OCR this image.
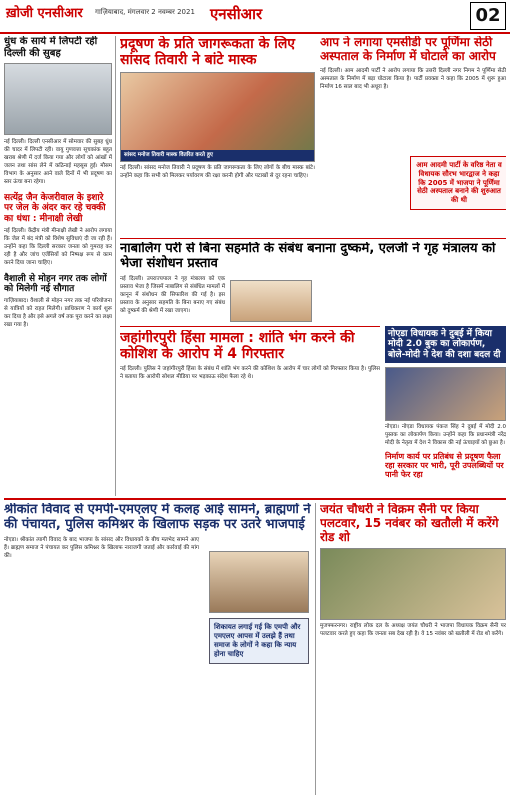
ख़ोजी एनसीआर गाज़ियाबाद, मंगलवार 2 नवम्बर 2021 एनसीआर	02
धुंध के साये में लिपटी रही दिल्ली की सुबह
नई दिल्ली। दिल्ली एनसीआर में सोमवार की सुबह धुंध की चादर में लिपटी रही। वायु गुणवत्ता सूचकांक बहुत खराब श्रेणी में दर्ज किया गया और लोगों को आंखों में जलन तथा सांस लेने में कठिनाई महसूस हुई। मौसम विभाग के अनुसार आने वाले दिनों में भी प्रदूषण का स्तर ऊंचा बना रहेगा।
सत्येंद्र जैन केजरीवाल के इशारे पर जेल के अंदर कर रहे चक्की का धंधा : मीनाक्षी लेखी
नई दिल्ली। केंद्रीय मंत्री मीनाक्षी लेखी ने आरोप लगाया कि जेल में बंद मंत्री को विशेष सुविधाएं दी जा रही हैं। उन्होंने कहा कि दिल्ली सरकार जनता को गुमराह कर रही है और जांच एजेंसियों को निष्पक्ष रूप से काम करने दिया जाना चाहिए।
वैशाली से मोहन नगर तक लोगों को मिलेगी नई सौगात
गाज़ियाबाद। वैशाली से मोहन नगर तक नई परियोजना से यात्रियों को राहत मिलेगी। प्राधिकरण ने कार्य शुरू कर दिया है और इसे अगले वर्ष तक पूरा करने का लक्ष्य रखा गया है।
प्रदूषण के प्रति जागरूकता के लिए सांसद तिवारी ने बांटे मास्क
सांसद मनोज तिवारी मास्क वितरित करते हुए
नई दिल्ली। सांसद मनोज तिवारी ने प्रदूषण के प्रति जागरूकता के लिए लोगों के बीच मास्क बांटे। उन्होंने कहा कि सभी को मिलकर पर्यावरण की रक्षा करनी होगी और पटाखों से दूर रहना चाहिए।
आप ने लगाया एमसीडी पर पूर्णिमा सेठी अस्पताल के निर्माण में घोटाले का आरोप
नई दिल्ली। आम आदमी पार्टी ने आरोप लगाया कि उत्तरी दिल्ली नगर निगम ने पूर्णिमा सेठी अस्पताल के निर्माण में बड़ा घोटाला किया है। पार्टी प्रवक्ता ने कहा कि 2005 में शुरू हुआ निर्माण 16 साल बाद भी अधूरा है।
आम आदमी पार्टी के वरिष्ठ नेता व विधायक सौरभ भारद्वाज ने कहा कि 2005 में भाजपा ने पूर्णिमा सेठी अस्पताल बनाने की शुरुआत की थी
नाबालिग परी से बिना सहमति के संबंध बनाना दुष्कर्म, एलजी ने गृह मंत्रालय को भेजा संशोधन प्रस्ताव
नई दिल्ली। उपराज्यपाल ने गृह मंत्रालय को एक प्रस्ताव भेजा है जिसमें नाबालिग से संबंधित मामलों में कानून में संशोधन की सिफारिश की गई है। इस प्रस्ताव के अनुसार सहमति के बिना बनाए गए संबंध को दुष्कर्म की श्रेणी में रखा जाएगा।
जहांगीरपुरी हिंसा मामला : शांति भंग करने की कोशिश के आरोप में 4 गिरफ्तार
नई दिल्ली। पुलिस ने जहांगीरपुरी हिंसा के संबंध में शांति भंग करने की कोशिश के आरोप में चार लोगों को गिरफ्तार किया है। पुलिस ने बताया कि आरोपी सोशल मीडिया पर भड़काऊ संदेश फैला रहे थे।
नोएडा विधायक ने दुबई में किया मोदी 2.0 बुक का लोकार्पण, बोले-मोदी ने देश की दशा बदल दी
नोएडा। नोएडा विधायक पंकज सिंह ने दुबई में मोदी 2.0 पुस्तक का लोकार्पण किया। उन्होंने कहा कि प्रधानमंत्री नरेंद्र मोदी के नेतृत्व में देश ने विकास की नई ऊंचाइयों को छुआ है।
निर्माण कार्य पर प्रतिबंध से प्रदूषण फैला रहा सरकार पर भारी, पूरी उपलब्धियों पर पानी फेर रहा
श्रीकांत विवाद से एमपी-एमएलए में कलह आई सामने, ब्राह्मणों ने की पंचायत, पुलिस कमिश्नर के खिलाफ सड़क पर उतरे भाजपाई
नोएडा। श्रीकांत त्यागी विवाद के बाद भाजपा के सांसद और विधायकों के बीच मतभेद सामने आए हैं। ब्राह्मण समाज ने पंचायत कर पुलिस कमिश्नर के खिलाफ नाराजगी जताई और कार्रवाई की मांग की।
शिकायत लगाई गई कि एमपी और एमएलए आपस में उलझे हैं तथा समाज के लोगों ने कहा कि न्याय होना चाहिए
जयंत चौधरी ने विक्रम सैनी पर किया पलटवार, 15 नवंबर को खतौली में करेंगे रोड शो
मुजफ्फरनगर। राष्ट्रीय लोक दल के अध्यक्ष जयंत चौधरी ने भाजपा विधायक विक्रम सैनी पर पलटवार करते हुए कहा कि जनता सब देख रही है। वे 15 नवंबर को खतौली में रोड शो करेंगे।
